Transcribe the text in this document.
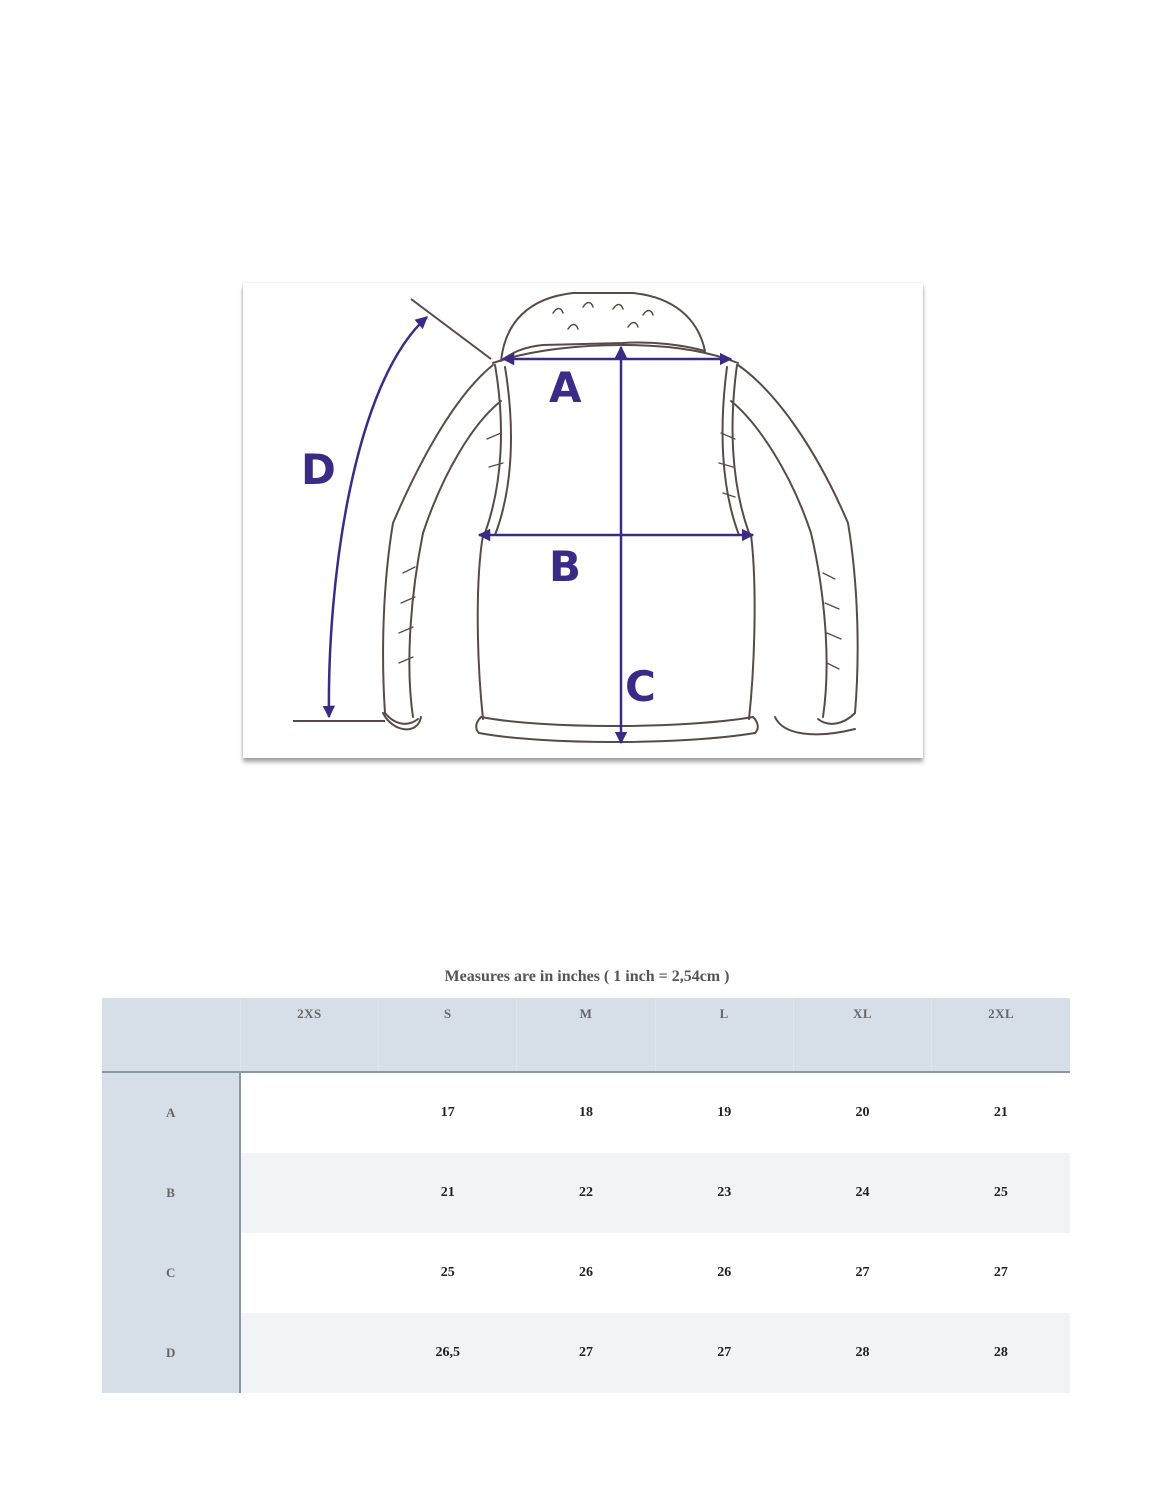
A
B
C
D
Measures are in inches ( 1 inch = 2,54cm )
	2XS	S	M	L	XL	2XL
A		17	18	19	20	21
B		21	22	23	24	25
C		25	26	26	27	27
D		26,5	27	27	28	28
